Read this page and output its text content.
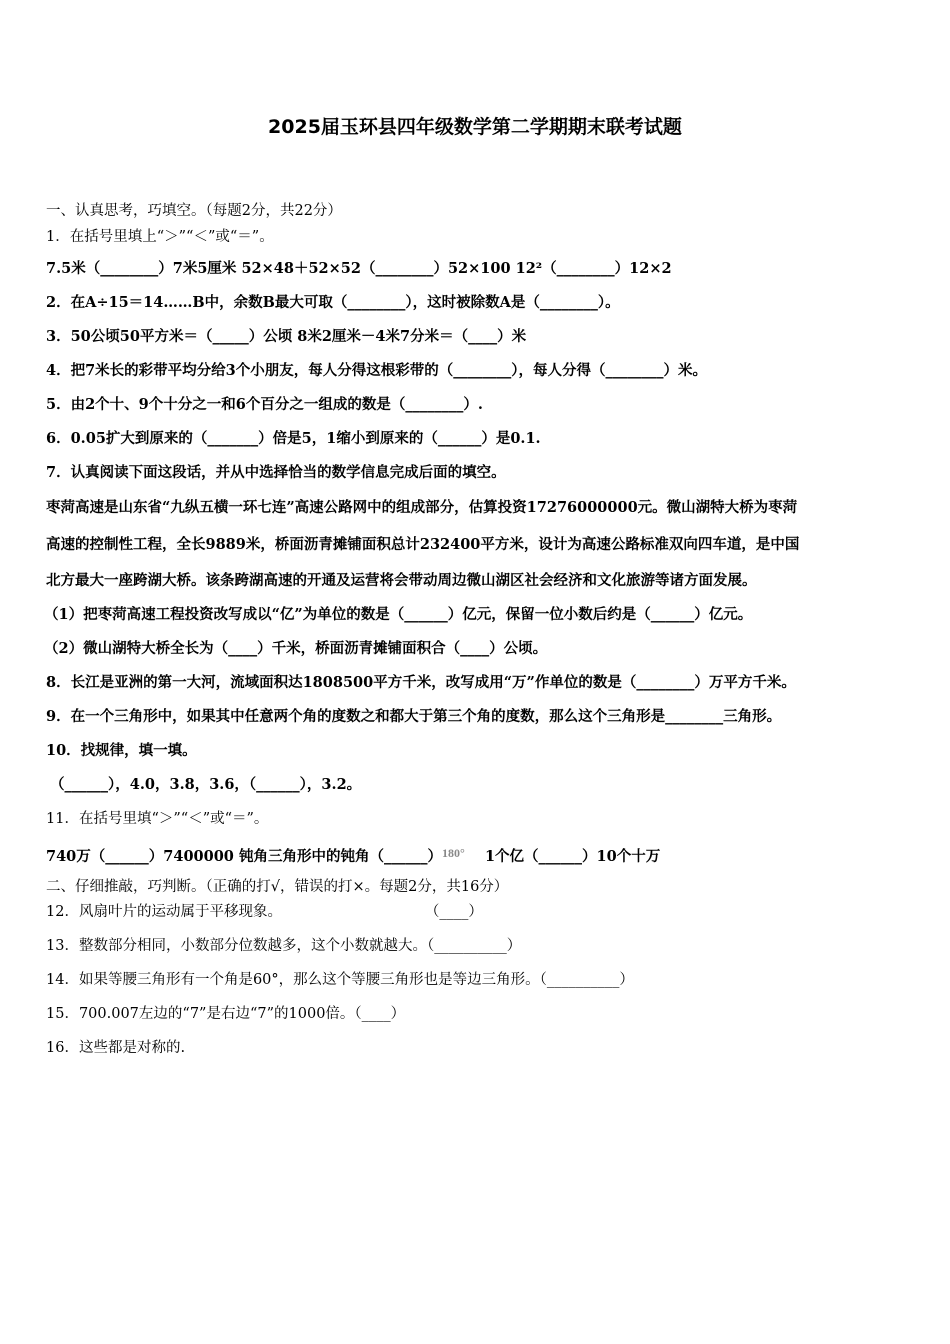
2025届玉环县四年级数学第二学期期末联考试题
一、认真思考，巧填空。（每题2分，共22分）
1．在括号里填上“＞”“＜”或“＝”。
7.5米（________）7米5厘米 52×48＋52×52（________）52×100 12²（________）12×2
2．在A÷15＝14……B中，余数B最大可取（________），这时被除数A是（________）。
3．50公顷50平方米＝（_____）公顷 8米2厘米－4米7分米＝（____）米
4．把7米长的彩带平均分给3个小朋友，每人分得这根彩带的（________），每人分得（________）米。
5．由2个十、9个十分之一和6个百分之一组成的数是（________）.
6．0.05扩大到原来的（_______）倍是5，1缩小到原来的（______）是0.1.
7．认真阅读下面这段话，并从中选择恰当的数学信息完成后面的填空。
枣菏高速是山东省“九纵五横一环七连”高速公路网中的组成部分，估算投资17276000000元。微山湖特大桥为枣菏
高速的控制性工程，全长9889米，桥面沥青摊铺面积总计232400平方米，设计为高速公路标准双向四车道，是中国
北方最大一座跨湖大桥。该条跨湖高速的开通及运营将会带动周边微山湖区社会经济和文化旅游等诸方面发展。
（1）把枣菏高速工程投资改写成以“亿”为单位的数是（______）亿元，保留一位小数后约是（______）亿元。
（2）微山湖特大桥全长为（____）千米，桥面沥青摊铺面积合（____）公顷。
8．长江是亚洲的第一大河，流域面积达1808500平方千米，改写成用“万”作单位的数是（________）万平方千米。
9．在一个三角形中，如果其中任意两个角的度数之和都大于第三个角的度数，那么这个三角形是________三角形。
10．找规律，填一填。
（______），4.0，3.8，3.6，（______），3.2。
11．在括号里填“＞”“＜”或“＝”。
740万（______）7400000 钝角三角形中的钝角（______）$^{180^\circ}$    1个亿（______）10个十万
二、仔细推敲，巧判断。（正确的打√，错误的打×。每题2分，共16分）
12．风扇叶片的运动属于平移现象。                               （____）
13．整数部分相同，小数部分位数越多，这个小数就越大。（__________）
14．如果等腰三角形有一个角是60°，那么这个等腰三角形也是等边三角形。（__________）
15．700.007左边的“7”是右边“7”的1000倍。（____）
16．这些都是对称的.
